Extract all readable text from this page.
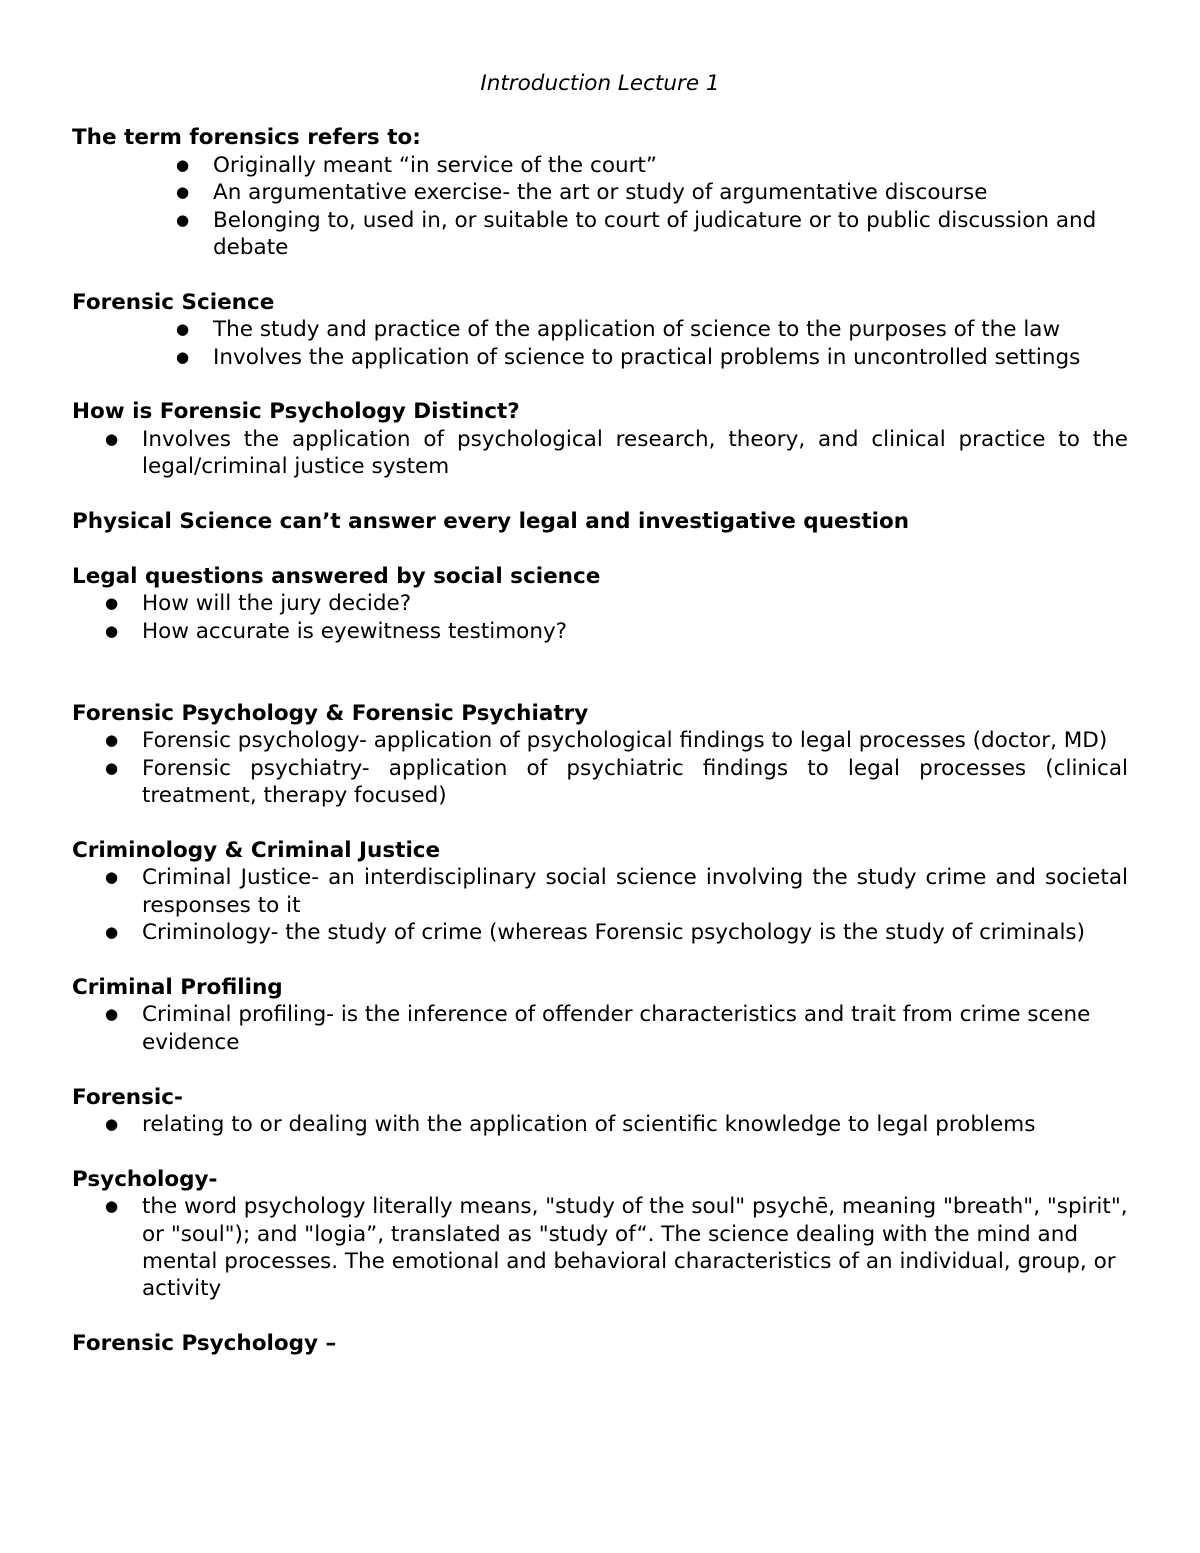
Introduction Lecture 1
The term forensics refers to:
● Originally meant “in service of the court”
● An argumentative exercise- the art or study of argumentative discourse
● Belonging to, used in, or suitable to court of judicature or to public discussion and debate
Forensic Science
● The study and practice of the application of science to the purposes of the law
● Involves the application of science to practical problems in uncontrolled settings
How is Forensic Psychology Distinct?
● Involves the application of psychological research, theory, and clinical practice to the legal/criminal justice system
Physical Science can’t answer every legal and investigative question
Legal questions answered by social science
● How will the jury decide?
● How accurate is eyewitness testimony?
Forensic Psychology & Forensic Psychiatry
● Forensic psychology- application of psychological findings to legal processes (doctor, MD)
● Forensic psychiatry- application of psychiatric findings to legal processes (clinical treatment, therapy focused)
Criminology & Criminal Justice
● Criminal Justice- an interdisciplinary social science involving the study crime and societal responses to it
● Criminology- the study of crime (whereas Forensic psychology is the study of criminals)
Criminal Profiling
● Criminal profiling- is the inference of offender characteristics and trait from crime scene evidence
Forensic-
● relating to or dealing with the application of scientific knowledge to legal problems
Psychology-
● the word psychology literally means, "study of the soul" psychē, meaning "breath", "spirit", or "soul"); and "logia”, translated as "study of“. The science dealing with the mind and mental processes. The emotional and behavioral characteristics of an individual, group, or activity
Forensic Psychology –
